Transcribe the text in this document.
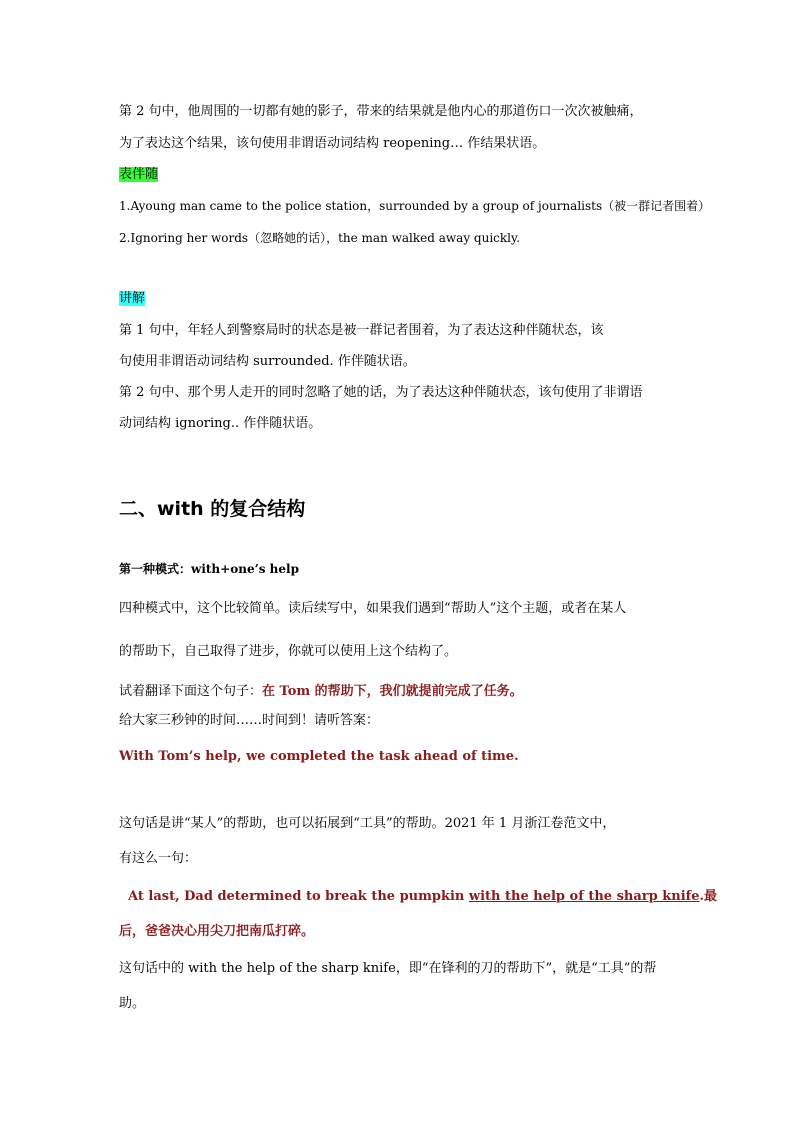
第 2 句中，他周围的一切都有她的影子，带来的结果就是他内心的那道伤口一次次被触痛，

为了表达这个结果，该句使用非谓语动词结构 reopening… 作结果状语。

表伴随

1.Ayoung man came to the police station，surrounded by a group of journalists（被一群记者围着）

2.Ignoring her words（忽略她的话），the man walked away quickly.

讲解

第 1 句中，年轻人到警察局时的状态是被一群记者围着，为了表达这种伴随状态，该

句使用非谓语动词结构 surrounded. 作伴随状语。

第 2 句中、那个男人走开的同时忽略了她的话，为了表达这种伴随状态，该句使用了非谓语

动词结构 ignoring.. 作伴随状语。

二、with 的复合结构

第一种模式：with+one’s help

四种模式中，这个比较简单。读后续写中，如果我们遇到“帮助人”这个主题，或者在某人

的帮助下，自己取得了进步，你就可以使用上这个结构了。

试着翻译下面这个句子：在 Tom 的帮助下，我们就提前完成了任务。

给大家三秒钟的时间……时间到！请听答案：

With Tom’s help, we completed the task ahead of time.

这句话是讲“某人”的帮助，也可以拓展到“工具”的帮助。2021 年 1 月浙江卷范文中，

有这么一句：

At last, Dad determined to break the pumpkin with the help of the sharp knife.最

后，爸爸决心用尖刀把南瓜打碎。

这句话中的 with the help of the sharp knife，即“在锋利的刀的帮助下”，就是“工具”的帮

助。
